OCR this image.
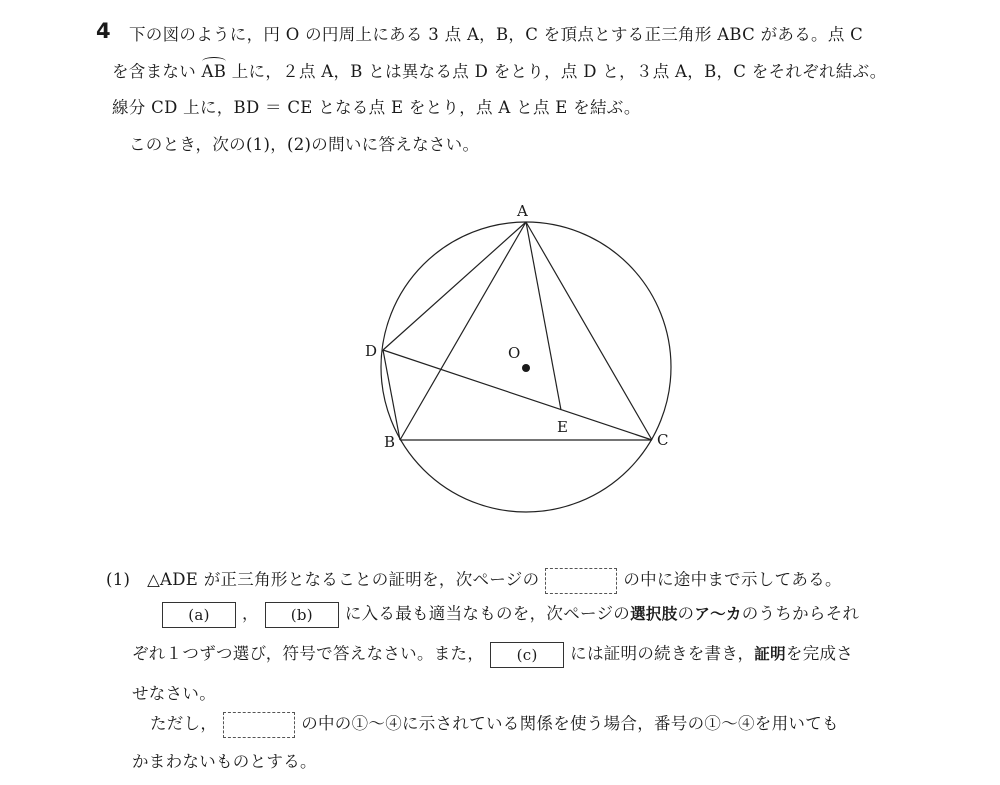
4 下の図のように，円 O の円周上にある 3 点 A，B，C を頂点とする正三角形 ABC がある。点 C
を含まない AB 上に，２点 A，B とは異なる点 D をとり，点 D と，３点 A，B，C をそれぞれ結ぶ。
線分 CD 上に，BD ＝ CE となる点 E をとり，点 A と点 E を結ぶ。
このとき，次の(1)，(2)の問いに答えなさい。
A
B	C
D
E
O
(1)　△ADE が正三角形となることの証明を，次ページの	の中に途中まで示してある。
(a) ， (b) に入る最も適当なものを，次ページの選択肢のア～カのうちからそれ
ぞれ１つずつ選び，符号で答えなさい。また， (c) には証明の続きを書き，証明を完成さ
せなさい。
ただし，	の中の①～④に示されている関係を使う場合，番号の①～④を用いても
かまわないものとする。
